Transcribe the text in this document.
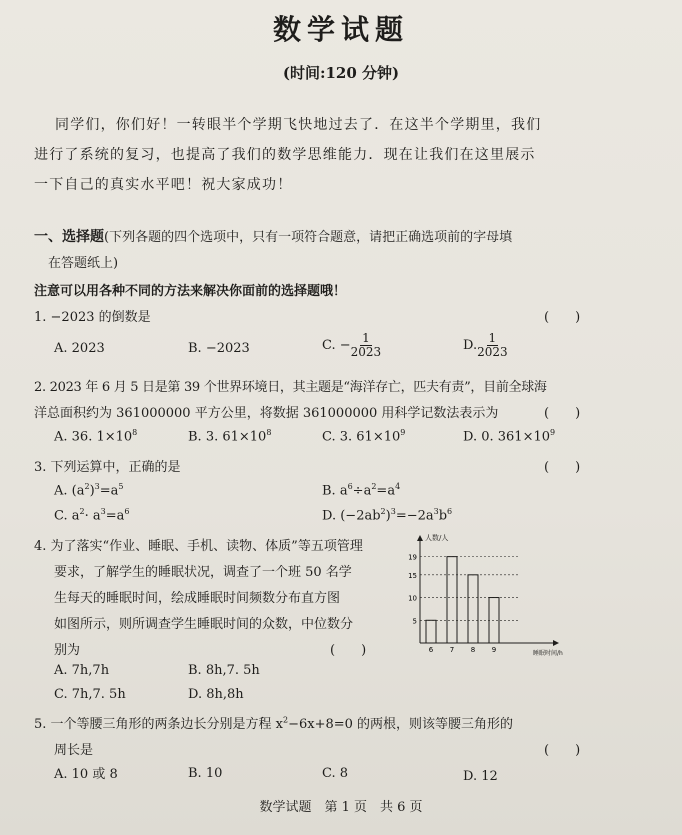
数学试题
(时间:120 分钟)
同学们，你们好！一转眼半个学期飞快地过去了．在这半个学期里，我们
进行了系统的复习，也提高了我们的数学思维能力．现在让我们在这里展示
一下自己的真实水平吧！祝大家成功！
一、选择题(下列各题的四个选项中，只有一项符合题意，请把正确选项前的字母填
在答题纸上)
注意可以用各种不同的方法来解决你面前的选择题哦！
1. −2023 的倒数是	(　　)
A. 2023	B. −2023	C. − $\frac{1}{2023}$	D. $\frac{1}{2023}$
2. 2023 年 6 月 5 日是第 39 个世界环境日，其主题是“海洋存亡，匹夫有责”，目前全球海
洋总面积约为 361000000 平方公里，将数据 361000000 用科学记数法表示为	(　　)
A. 36. $1\times 10^8$	B. 3. $61\times 10^8$	C. 3. $61\times 10^9$	D. 0. $361\times 10^9$
3. 下列运算中，正确的是	(　　)
A. $(a^2)^3=a^5$	B. $a^6\div a^2=a^4$
C. $a^2\cdot a^3=a^6$	D. $(-2ab^2)^3=-2a^3b^6$
4. 为了落实“作业、睡眠、手机、读物、体质”等五项管理
要求，了解学生的睡眠状况，调查了一个班 50 名学
生每天的睡眠时间，绘成睡眠时间频数分布直方图
如图所示，则所调查学生睡眠时间的众数，中位数分
别为	(　　)
A. 7h,7h	B. 8h,7. 5h
C. 7h,7. 5h	D. 8h,8h
5
10
15
19
6 7 8 9
人数/人
睡眠时间/h
5. 一个等腰三角形的两条边长分别是方程 $x^2-6x+8=0$ 的两根，则该等腰三角形的
周长是	(　　)
A. 10 或 8	B. 10	C. 8	D. 12
数学试题　第 1 页　共 6 页
